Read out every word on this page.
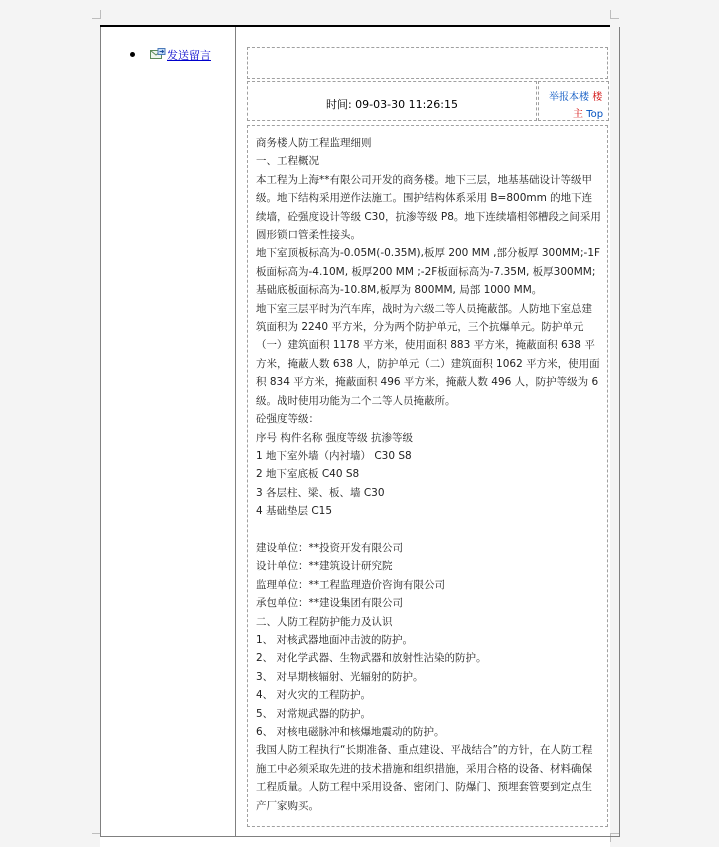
发送留言
时间: 09-03-30 11:26:15
举报本楼 楼
主 Top

商务楼人防工程监理细则

一、工程概况

本工程为上海**有限公司开发的商务楼。地下三层，地基基础设计等级甲级。地下结构采用逆作法施工。围护结构体系采用 B=800mm 的地下连续墙，砼强度设计等级 C30，抗渗等级 P8。地下连续墙相邻槽段之间采用圆形锁口管柔性接头。

地下室顶板标高为-0.05M(-0.35M),板厚 200 MM ,部分板厚 300MM;-1F 板面标高为-4.10M, 板厚200 MM ;-2F板面标高为-7.35M, 板厚300MM;基础底板面标高为-10.8M,板厚为 800MM, 局部 1000 MM。

地下室三层平时为汽车库，战时为六级二等人员掩蔽部。人防地下室总建筑面积为 2240 平方米，分为两个防护单元，三个抗爆单元。防护单元（一）建筑面积 1178 平方米，使用面积 883 平方米，掩蔽面积 638 平方米，掩蔽人数 638 人，防护单元（二）建筑面积 1062 平方米，使用面积 834 平方米，掩蔽面积 496 平方米，掩蔽人数 496 人，防护等级为 6 级。战时使用功能为二个二等人员掩蔽所。

砼强度等级：

序号 构件名称 强度等级 抗渗等级

1 地下室外墙（内衬墙） C30 S8

2 地下室底板 C40 S8

3 各层柱、梁、板、墙 C30

4 基础垫层 C15

建设单位：**投资开发有限公司

设计单位：**建筑设计研究院

监理单位：**工程监理造价咨询有限公司

承包单位：**建设集团有限公司

二、人防工程防护能力及认识

1、 对核武器地面冲击波的防护。

2、 对化学武器、生物武器和放射性沾染的防护。

3、 对早期核辐射、光辐射的防护。

4、 对火灾的工程防护。

5、 对常规武器的防护。

6、 对核电磁脉冲和核爆地震动的防护。

我国人防工程执行“长期准备、重点建设、平战结合”的方针，在人防工程施工中必须采取先进的技术措施和组织措施，采用合格的设备、材料确保工程质量。人防工程中采用设备、密闭门、防爆门、预埋套管要到定点生产厂家购买。
